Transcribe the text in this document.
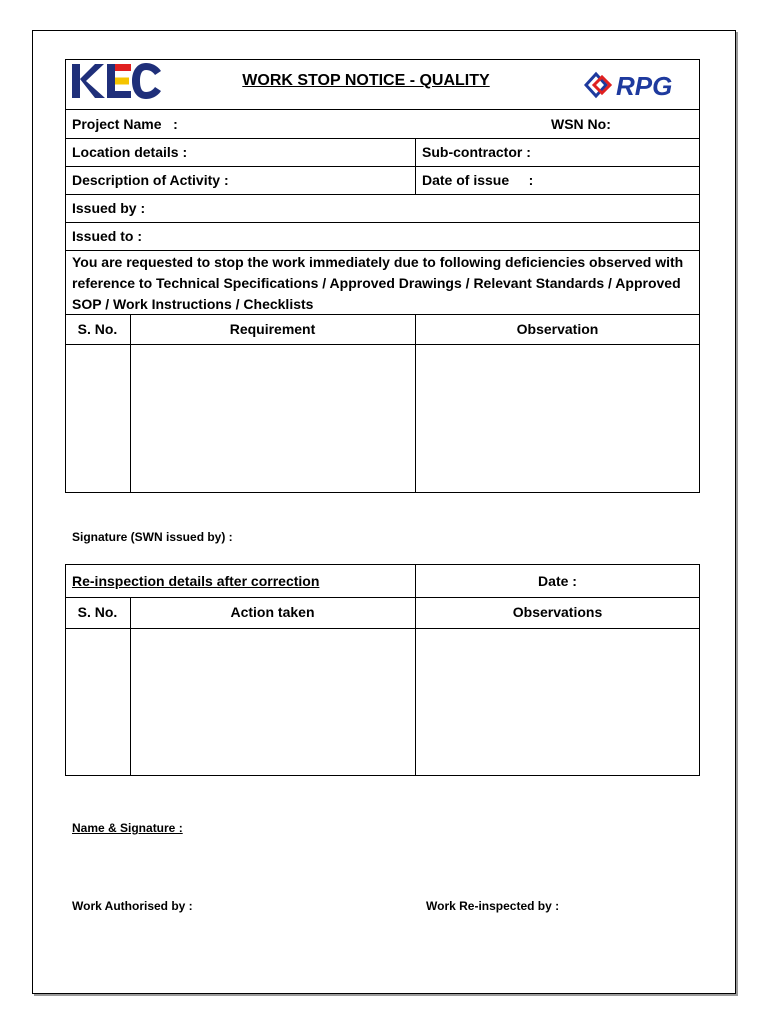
WORK STOP NOTICE - QUALITY	RPG
Project Name   :	WSN No:
Location details :	Sub-contractor :
Description of Activity :	Date of issue     :
Issued by :
Issued to :
You are requested to stop the work immediately due to following deficiencies observed with reference to Technical Specifications / Approved Drawings / Relevant Standards / Approved SOP / Work Instructions / Checklists
S. No.	Requirement	Observation
Signature (SWN issued by) :
Re-inspection details after correction	Date :
S. No.	Action taken	Observations
Name & Signature :
Work Authorised by :	Work Re-inspected by :
